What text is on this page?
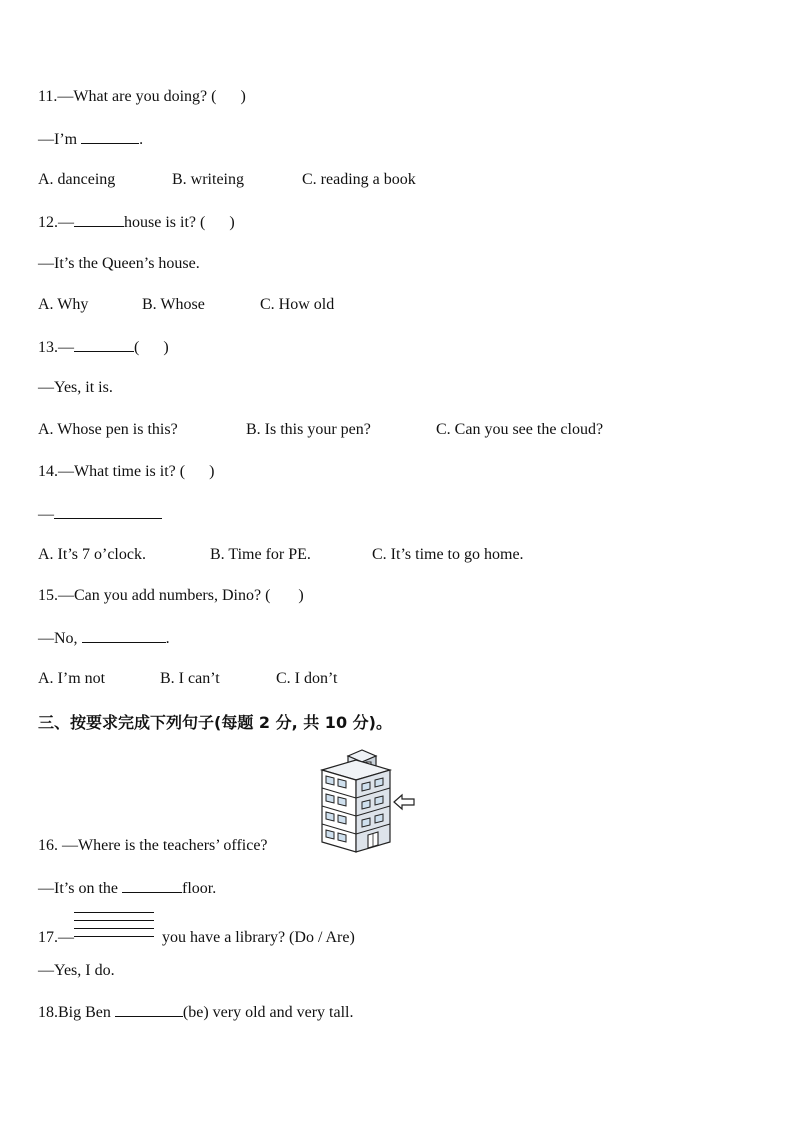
11.—What are you doing? (      )
—I’m	.
A. danceing	B. writeing	C. reading a book
12.—	house is it? (      )
—It’s the Queen’s house.
A. Why	B. Whose	C. How old
13.—	(      )
—Yes, it is.
A. Whose pen is this?	B. Is this your pen?	C. Can you see the cloud?
14.—What time is it? (      )
—
A. It’s 7 o’clock.	B. Time for PE.	C. It’s time to go home.
15.—Can you add numbers, Dino? (       )
—No,	.
A. I’m not	B. I can’t	C. I don’t
三、按要求完成下列句子(每题 2 分, 共 10 分)。
16. —Where is the teachers’ office?
—It’s on the	floor.
17.—	you have a library? (Do / Are)
—Yes, I do.
18.Big Ben	(be) very old and very tall.
